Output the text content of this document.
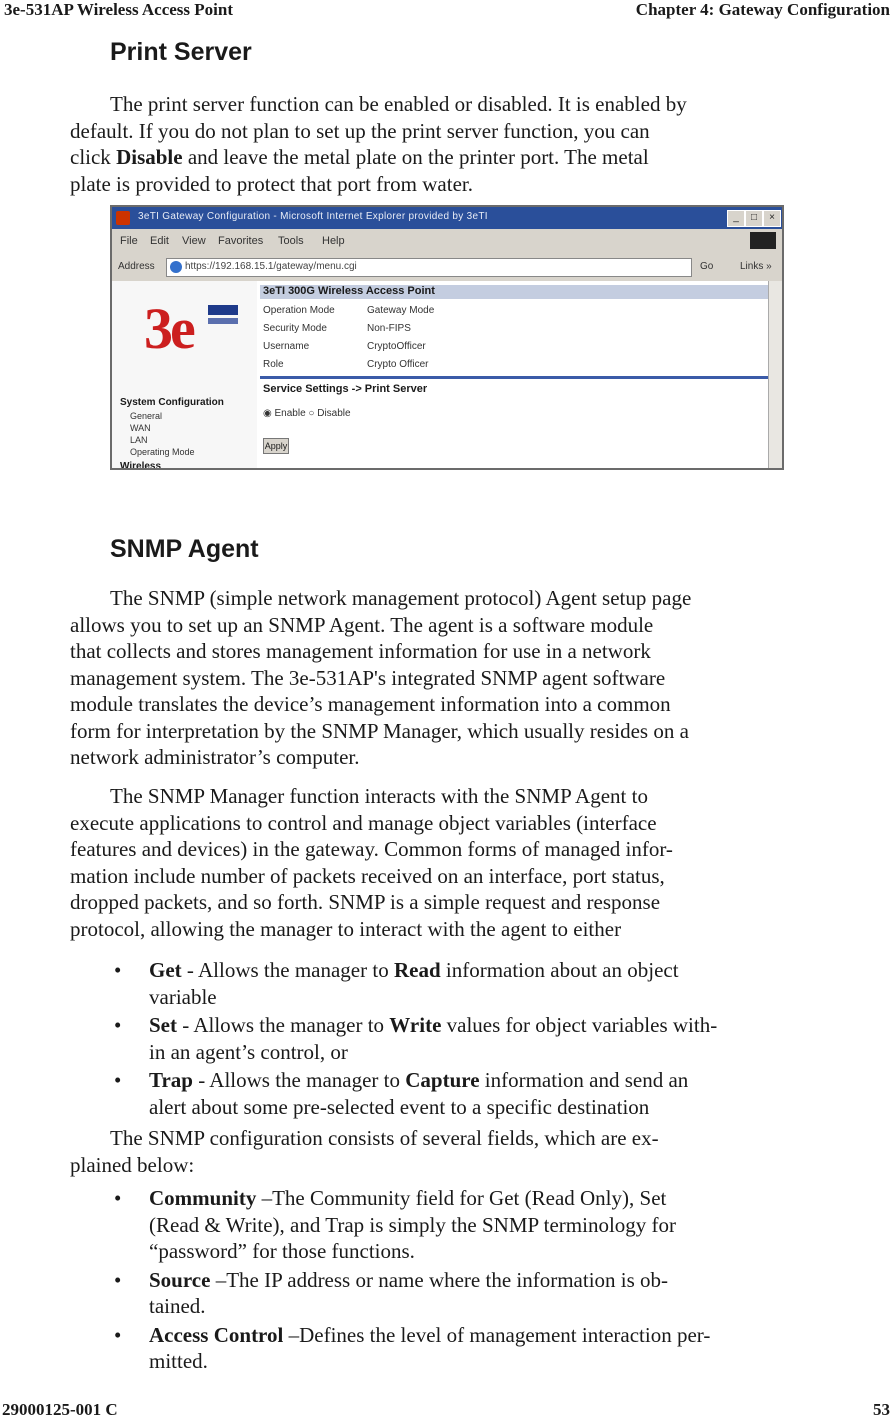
3e-531AP Wireless Access Point	Chapter 4: Gateway Configuration
Print Server
The print server function can be enabled or disabled. It is enabled by
default. If you do not plan to set up the print server function, you can
click Disable and leave the metal plate on the printer port. The metal
plate is provided to protect that port from water.
3eTI Gateway Configuration - Microsoft Internet Explorer provided by 3eTI	_	□	×
File Edit View Favorites Tools Help
Address	https://192.168.15.1/gateway/menu.cgi	Go	Links »
3e
System Configuration
General
WAN
LAN
Operating Mode
Wireless
3eTI 300G Wireless Access Point
Operation Mode	Gateway Mode
Security Mode	Non-FIPS
Username	CryptoOfficer
Role	Crypto Officer
Service Settings -> Print Server
◉ Enable ○ Disable
Apply
SNMP Agent
The SNMP (simple network management protocol) Agent setup page
allows you to set up an SNMP Agent. The agent is a software module
that collects and stores management information for use in a network
management system. The 3e-531AP's integrated SNMP agent software
module translates the device’s management information into a common
form for interpretation by the SNMP Manager, which usually resides on a
network administrator’s computer.
The SNMP Manager function interacts with the SNMP Agent to
execute applications to control and manage object variables (interface
features and devices) in the gateway. Common forms of managed infor-
mation include number of packets received on an interface, port status,
dropped packets, and so forth. SNMP is a simple request and response
protocol, allowing the manager to interact with the agent to either
• Get - Allows the manager to Read information about an object
variable
• Set - Allows the manager to Write values for object variables with-
in an agent’s control, or
• Trap - Allows the manager to Capture information and send an
alert about some pre-selected event to a specific destination
The SNMP configuration consists of several fields, which are ex-
plained below:
• Community –The Community field for Get (Read Only), Set
(Read & Write), and Trap is simply the SNMP terminology for
“password” for those functions.
• Source –The IP address or name where the information is ob-
tained.
• Access Control –Defines the level of management interaction per-
mitted.
29000125-001 C	53
